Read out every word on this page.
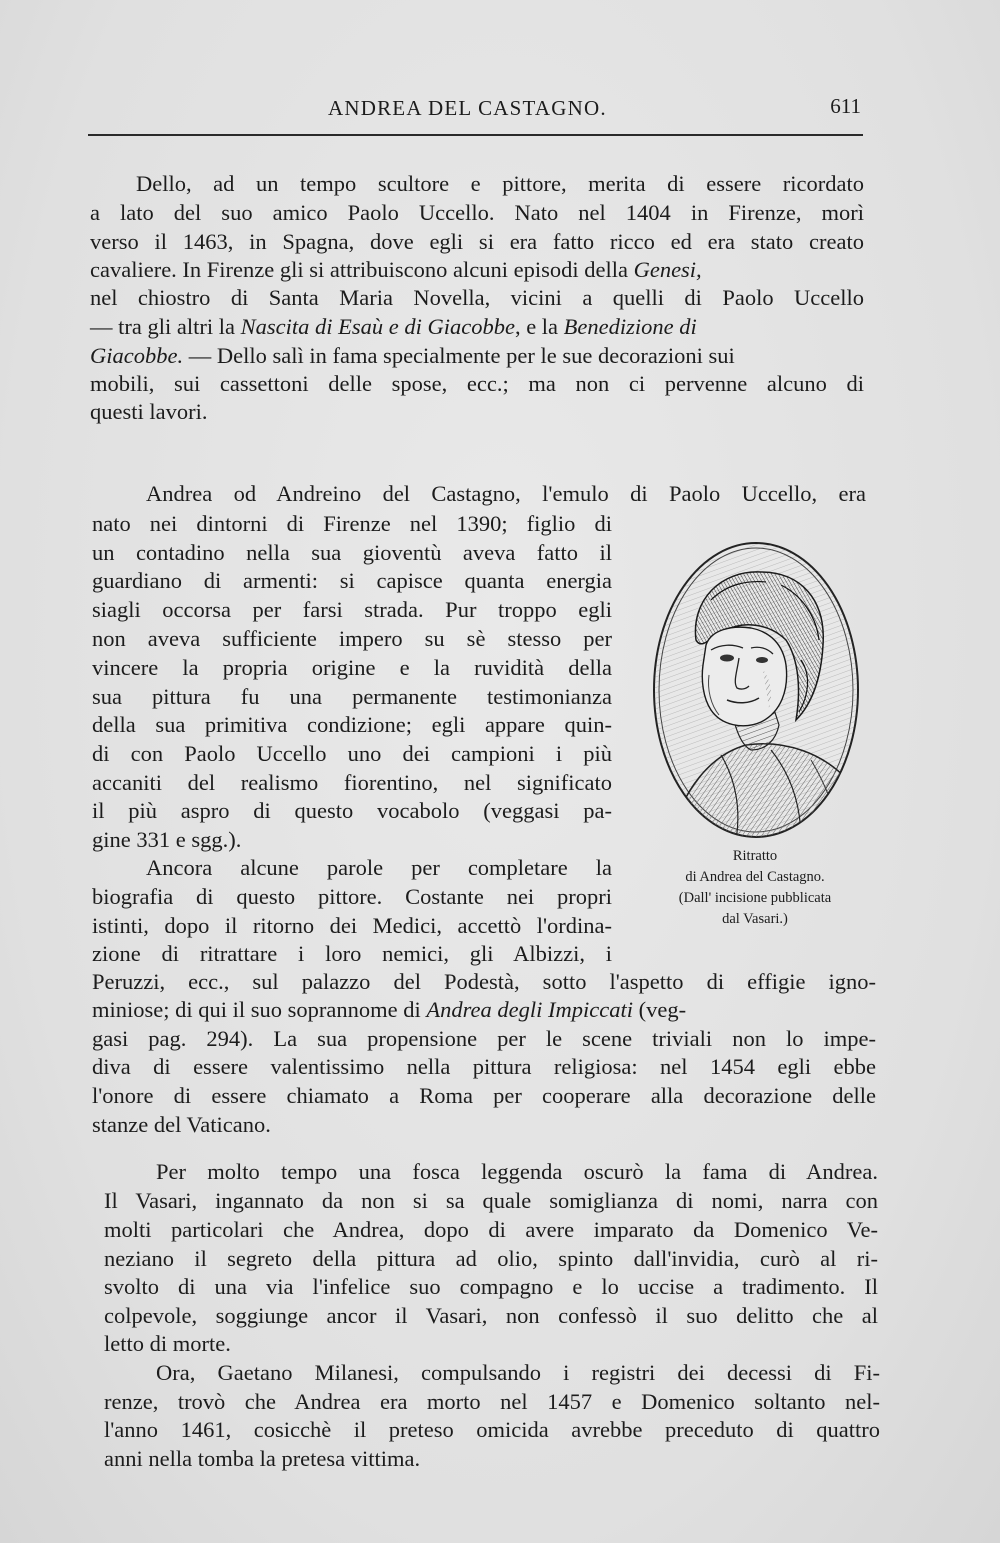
ANDREA DEL CASTAGNO.	611

Dello, ad un tempo scultore e pittore, merita di essere ricordato

a lato del suo amico Paolo Uccello. Nato nel 1404 in Firenze, morì

verso il 1463, in Spagna, dove egli si era fatto ricco ed era stato creato

cavaliere. In Firenze gli si attribuiscono alcuni episodi della Genesi,

nel chiostro di Santa Maria Novella, vicini a quelli di Paolo Uccello

— tra gli altri la Nascita di Esaù e di Giacobbe, e la Benedizione di

Giacobbe. — Dello salì in fama specialmente per le sue decorazioni sui

mobili, sui cassettoni delle spose, ecc.; ma non ci pervenne alcuno di

questi lavori.

Andrea od Andreino del Castagno, l'emulo di Paolo Uccello, era

nato nei dintorni di Firenze nel 1390; figlio di

un contadino nella sua gioventù aveva fatto il

guardiano di armenti: si capisce quanta energia

siagli occorsa per farsi strada. Pur troppo egli

non aveva sufficiente impero su sè stesso per

vincere la propria origine e la ruvidità della

sua pittura fu una permanente testimonianza

della sua primitiva condizione; egli appare quin-

di con Paolo Uccello uno dei campioni i più

accaniti del realismo fiorentino, nel significato

il più aspro di questo vocabolo (veggasi pa-

gine 331 e sgg.).

Ancora alcune parole per completare la

biografia di questo pittore. Costante nei propri

istinti, dopo il ritorno dei Medici, accettò l'ordina-

zione di ritrattare i loro nemici, gli Albizzi, i

Peruzzi, ecc., sul palazzo del Podestà, sotto l'aspetto di effigie igno-

miniose; di qui il suo soprannome di Andrea degli Impiccati (veg-

gasi pag. 294). La sua propensione per le scene triviali non lo impe-

diva di essere valentissimo nella pittura religiosa: nel 1454 egli ebbe

l'onore di essere chiamato a Roma per cooperare alla decorazione delle

stanze del Vaticano.

Per molto tempo una fosca leggenda oscurò la fama di Andrea.

Il Vasari, ingannato da non si sa quale somiglianza di nomi, narra con

molti particolari che Andrea, dopo di avere imparato da Domenico Ve-

neziano il segreto della pittura ad olio, spinto dall'invidia, curò al ri-

svolto di una via l'infelice suo compagno e lo uccise a tradimento. Il

colpevole, soggiunge ancor il Vasari, non confessò il suo delitto che al

letto di morte.

Ora, Gaetano Milanesi, compulsando i registri dei decessi di Fi-

renze, trovò che Andrea era morto nel 1457 e Domenico soltanto nel-

l'anno 1461, cosicchè il preteso omicida avrebbe preceduto di quattro

anni nella tomba la pretesa vittima.

Ritratto
di Andrea del Castagno.
(Dall' incisione pubblicata
dal Vasari.)
